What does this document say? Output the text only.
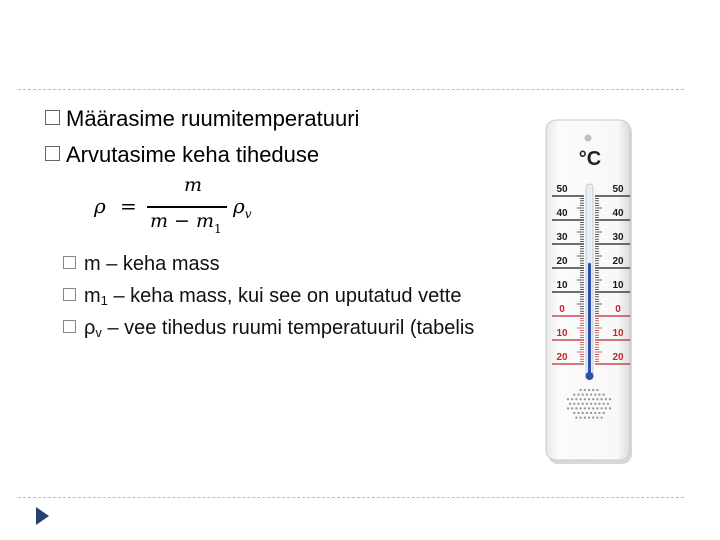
Määrasime ruumitemperatuuri
Arvutasime keha tiheduse
ρ =
m
$m - m_1$
$\rho_v$
m – keha mass
$m_1$ – keha mass, kui see on uputatud vette
$\rho_v$ – vee tihedus ruumi temperatuuril (tabelis
°C
50
40
30
20
10
0
10
20
50
40
30
20
10
0
10
20
